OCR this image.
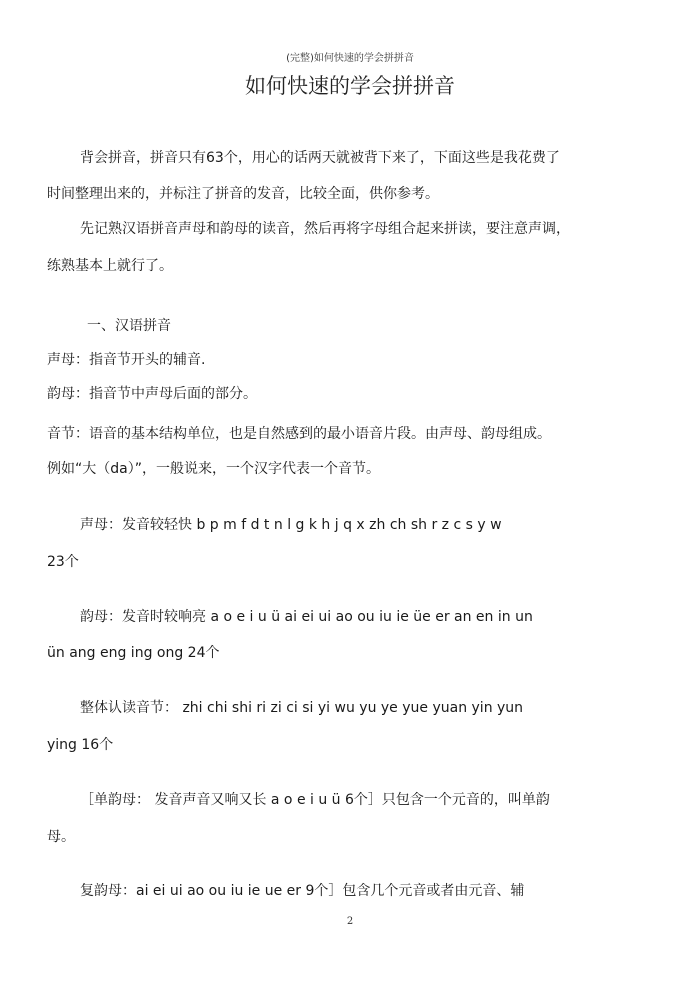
(完整)如何快速的学会拼拼音
如何快速的学会拼拼音
背会拼音，拼音只有63个，用心的话两天就被背下来了，下面这些是我花费了
时间整理出来的，并标注了拼音的发音，比较全面，供你参考。
先记熟汉语拼音声母和韵母的读音，然后再将字母组合起来拼读，要注意声调，
练熟基本上就行了。
一、汉语拼音
声母：指音节开头的辅音.
韵母：指音节中声母后面的部分。
音节：语音的基本结构单位，也是自然感到的最小语音片段。由声母、韵母组成。
例如“大（da）”，一般说来，一个汉字代表一个音节。
声母：发音较轻快 b p m f d t n l g k h j q x zh ch sh r z c s y w
23个
韵母：发音时较响亮 a o e i u ü ai ei ui ao ou iu ie üe er an en in un
ün ang eng ing ong 24个
整体认读音节： zhi chi shi ri zi ci si yi wu yu ye yue yuan yin yun
ying 16个
［单韵母： 发音声音又响又长 a o e i u ü 6个］只包含一个元音的，叫单韵
母。
复韵母：ai ei ui ao ou iu ie ue er 9个］包含几个元音或者由元音、辅
2
